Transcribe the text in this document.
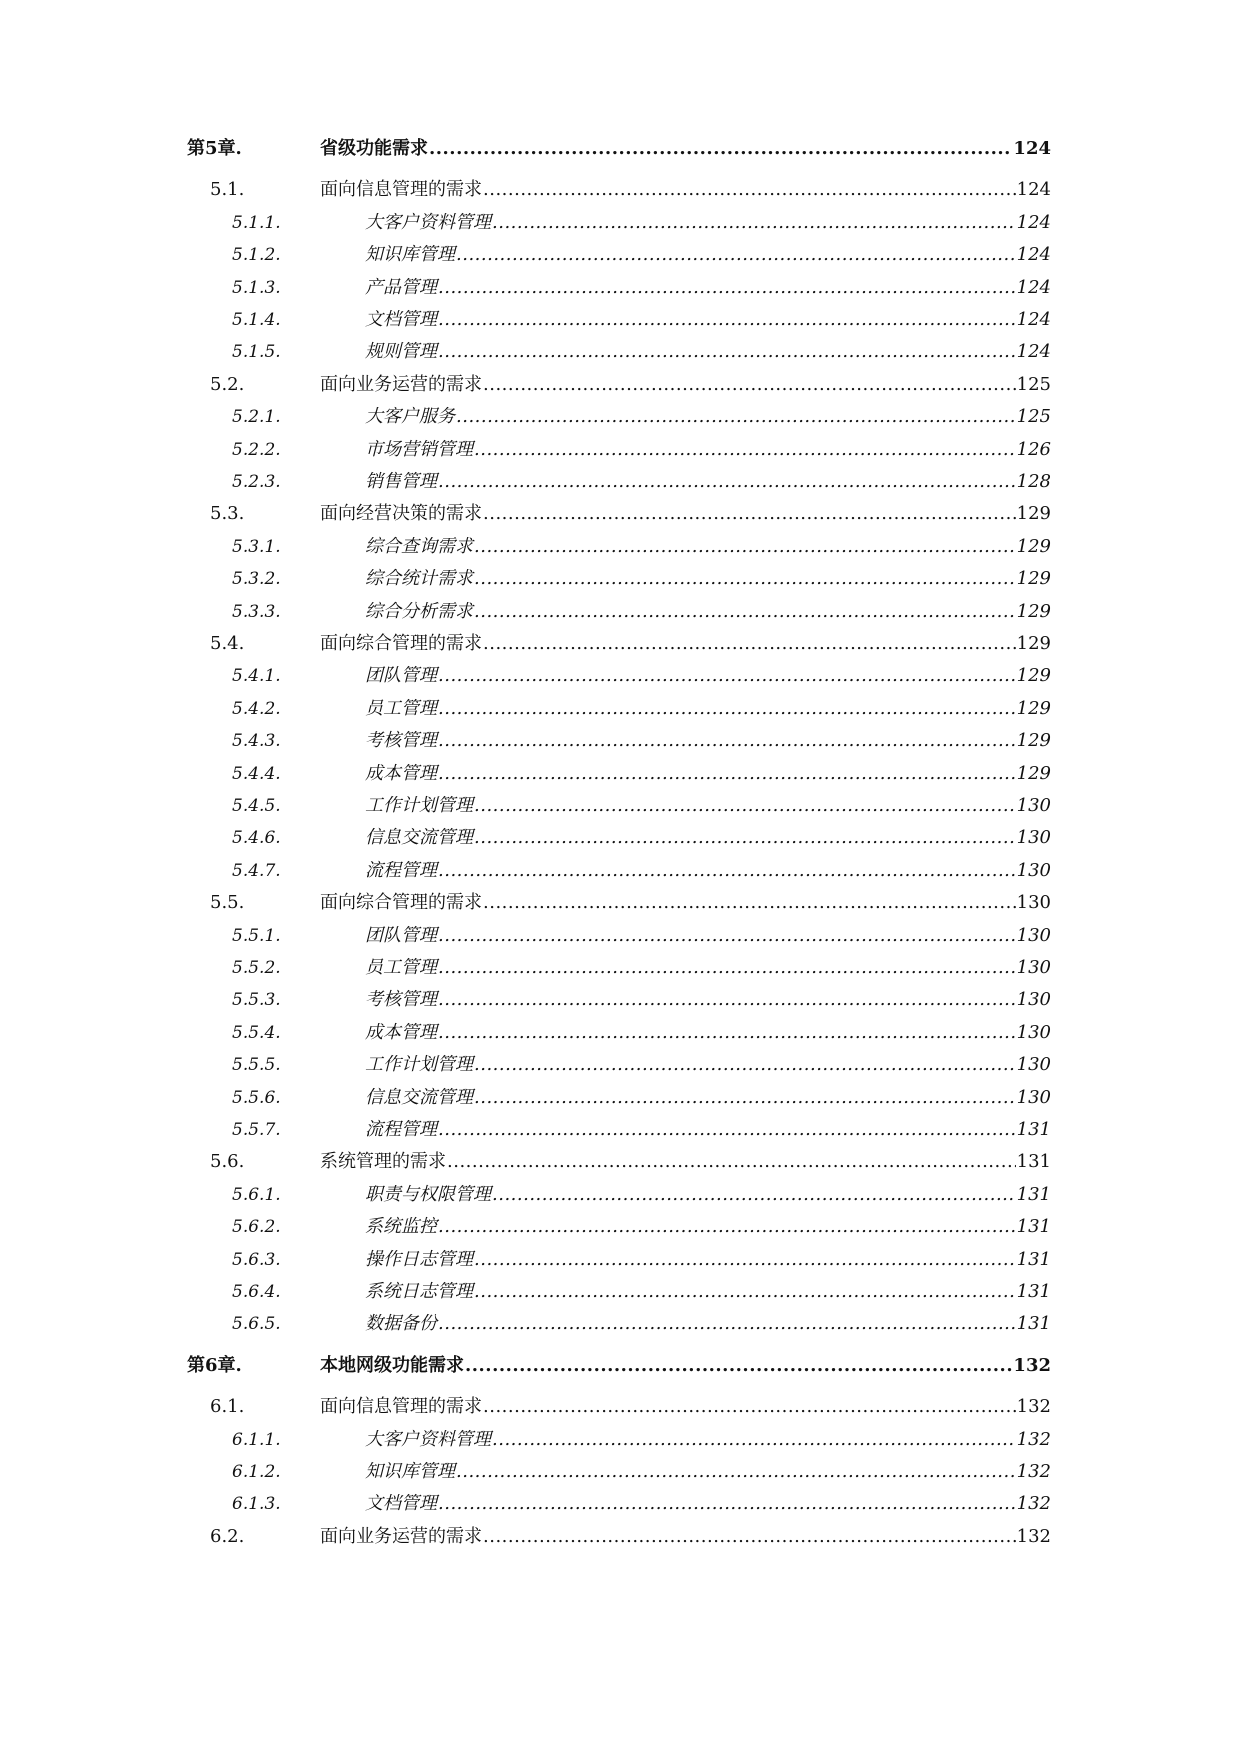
第5章.	省级功能需求 .....	124
5.1.	面向信息管理的需求 .....	124
5.1.1.	大客户资料管理 .....	124
5.1.2.	知识库管理 .....	124
5.1.3.	产品管理 .....	124
5.1.4.	文档管理 .....	124
5.1.5.	规则管理 .....	124
5.2.	面向业务运营的需求 .....	125
5.2.1.	大客户服务 .....	125
5.2.2.	市场营销管理 .....	126
5.2.3.	销售管理 .....	128
5.3.	面向经营决策的需求 .....	129
5.3.1.	综合查询需求 .....	129
5.3.2.	综合统计需求 .....	129
5.3.3.	综合分析需求 .....	129
5.4.	面向综合管理的需求 .....	129
5.4.1.	团队管理 .....	129
5.4.2.	员工管理 .....	129
5.4.3.	考核管理 .....	129
5.4.4.	成本管理 .....	129
5.4.5.	工作计划管理 .....	130
5.4.6.	信息交流管理 .....	130
5.4.7.	流程管理 .....	130
5.5.	面向综合管理的需求 .....	130
5.5.1.	团队管理 .....	130
5.5.2.	员工管理 .....	130
5.5.3.	考核管理 .....	130
5.5.4.	成本管理 .....	130
5.5.5.	工作计划管理 .....	130
5.5.6.	信息交流管理 .....	130
5.5.7.	流程管理 .....	131
5.6.	系统管理的需求 .....	131
5.6.1.	职责与权限管理 .....	131
5.6.2.	系统监控 .....	131
5.6.3.	操作日志管理 .....	131
5.6.4.	系统日志管理 .....	131
5.6.5.	数据备份 .....	131
第6章.	本地网级功能需求 .....	132
6.1.	面向信息管理的需求 .....	132
6.1.1.	大客户资料管理 .....	132
6.1.2.	知识库管理 .....	132
6.1.3.	文档管理 .....	132
6.2.	面向业务运营的需求 .....	132
